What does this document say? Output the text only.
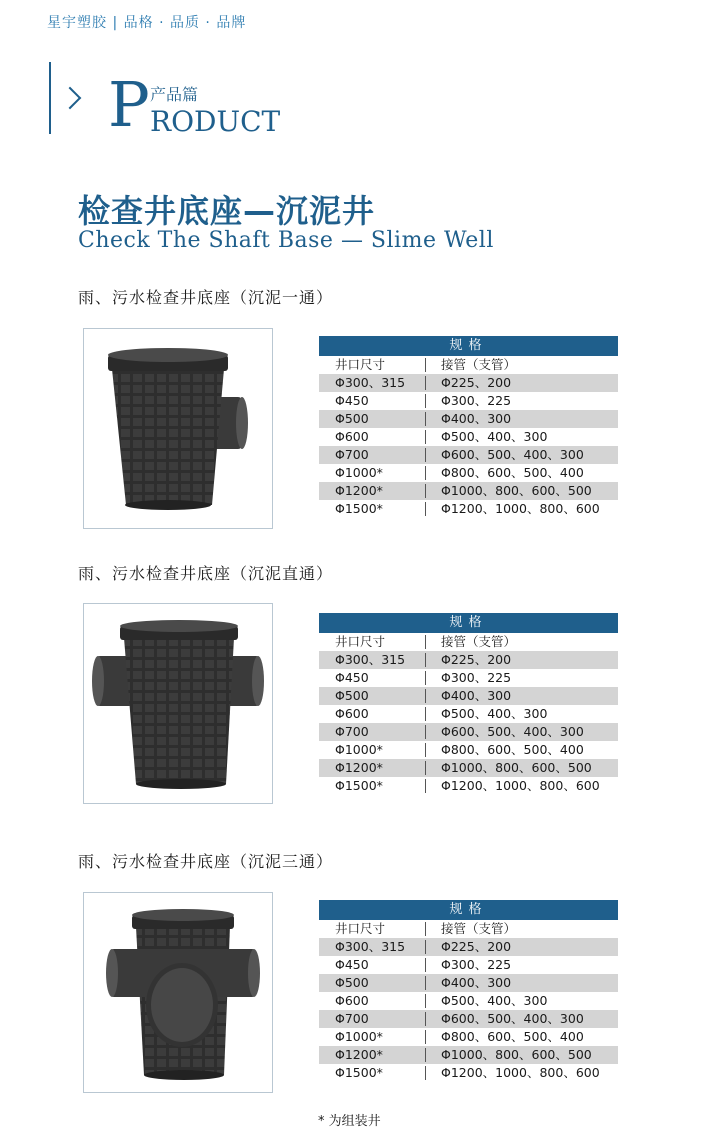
星宇塑胶 | 品格 · 品质 · 品牌
P 产品篇
RODUCT
检查井底座—沉泥井
Check The Shaft Base — Slime Well
雨、污水检查井底座（沉泥一通）
规格
井口尺寸	接管（支管）
Φ300、315	Φ225、200
Φ450	Φ300、225
Φ500	Φ400、300
Φ600	Φ500、400、300
Φ700	Φ600、500、400、300
Φ1000*	Φ800、600、500、400
Φ1200*	Φ1000、800、600、500
Φ1500*	Φ1200、1000、800、600
雨、污水检查井底座（沉泥直通）
规格
井口尺寸	接管（支管）
Φ300、315	Φ225、200
Φ450	Φ300、225
Φ500	Φ400、300
Φ600	Φ500、400、300
Φ700	Φ600、500、400、300
Φ1000*	Φ800、600、500、400
Φ1200*	Φ1000、800、600、500
Φ1500*	Φ1200、1000、800、600
雨、污水检查井底座（沉泥三通）
规格
井口尺寸	接管（支管）
Φ300、315	Φ225、200
Φ450	Φ300、225
Φ500	Φ400、300
Φ600	Φ500、400、300
Φ700	Φ600、500、400、300
Φ1000*	Φ800、600、500、400
Φ1200*	Φ1000、800、600、500
Φ1500*	Φ1200、1000、800、600
* 为组装井
